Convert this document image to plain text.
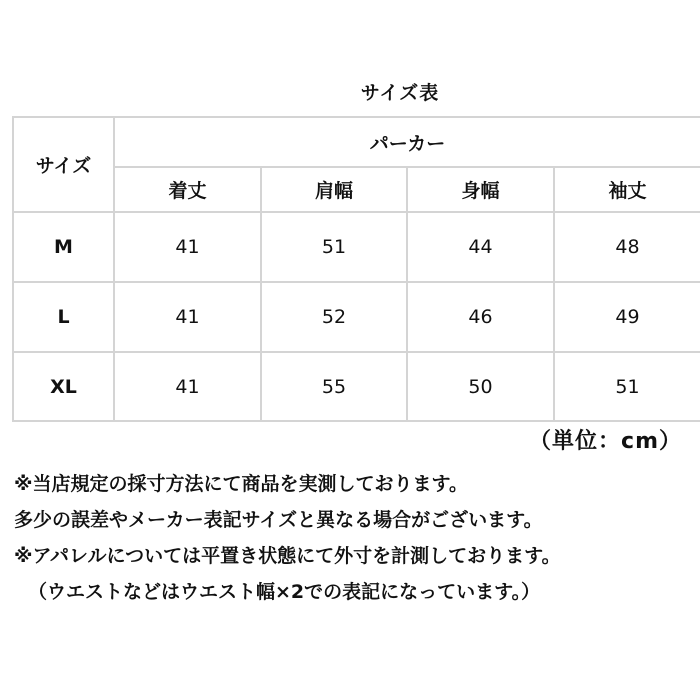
サイズ表
サイズ	パーカー			
	着丈	肩幅	身幅	袖丈
M	41	51	44	48
L	41	52	46	49
XL	41	55	50	51
（単位：cm）
※当店規定の採寸方法にて商品を実測しております。
多少の誤差やメーカー表記サイズと異なる場合がございます。
※アパレルについては平置き状態にて外寸を計測しております。
（ウエストなどはウエスト幅×2での表記になっています。）
